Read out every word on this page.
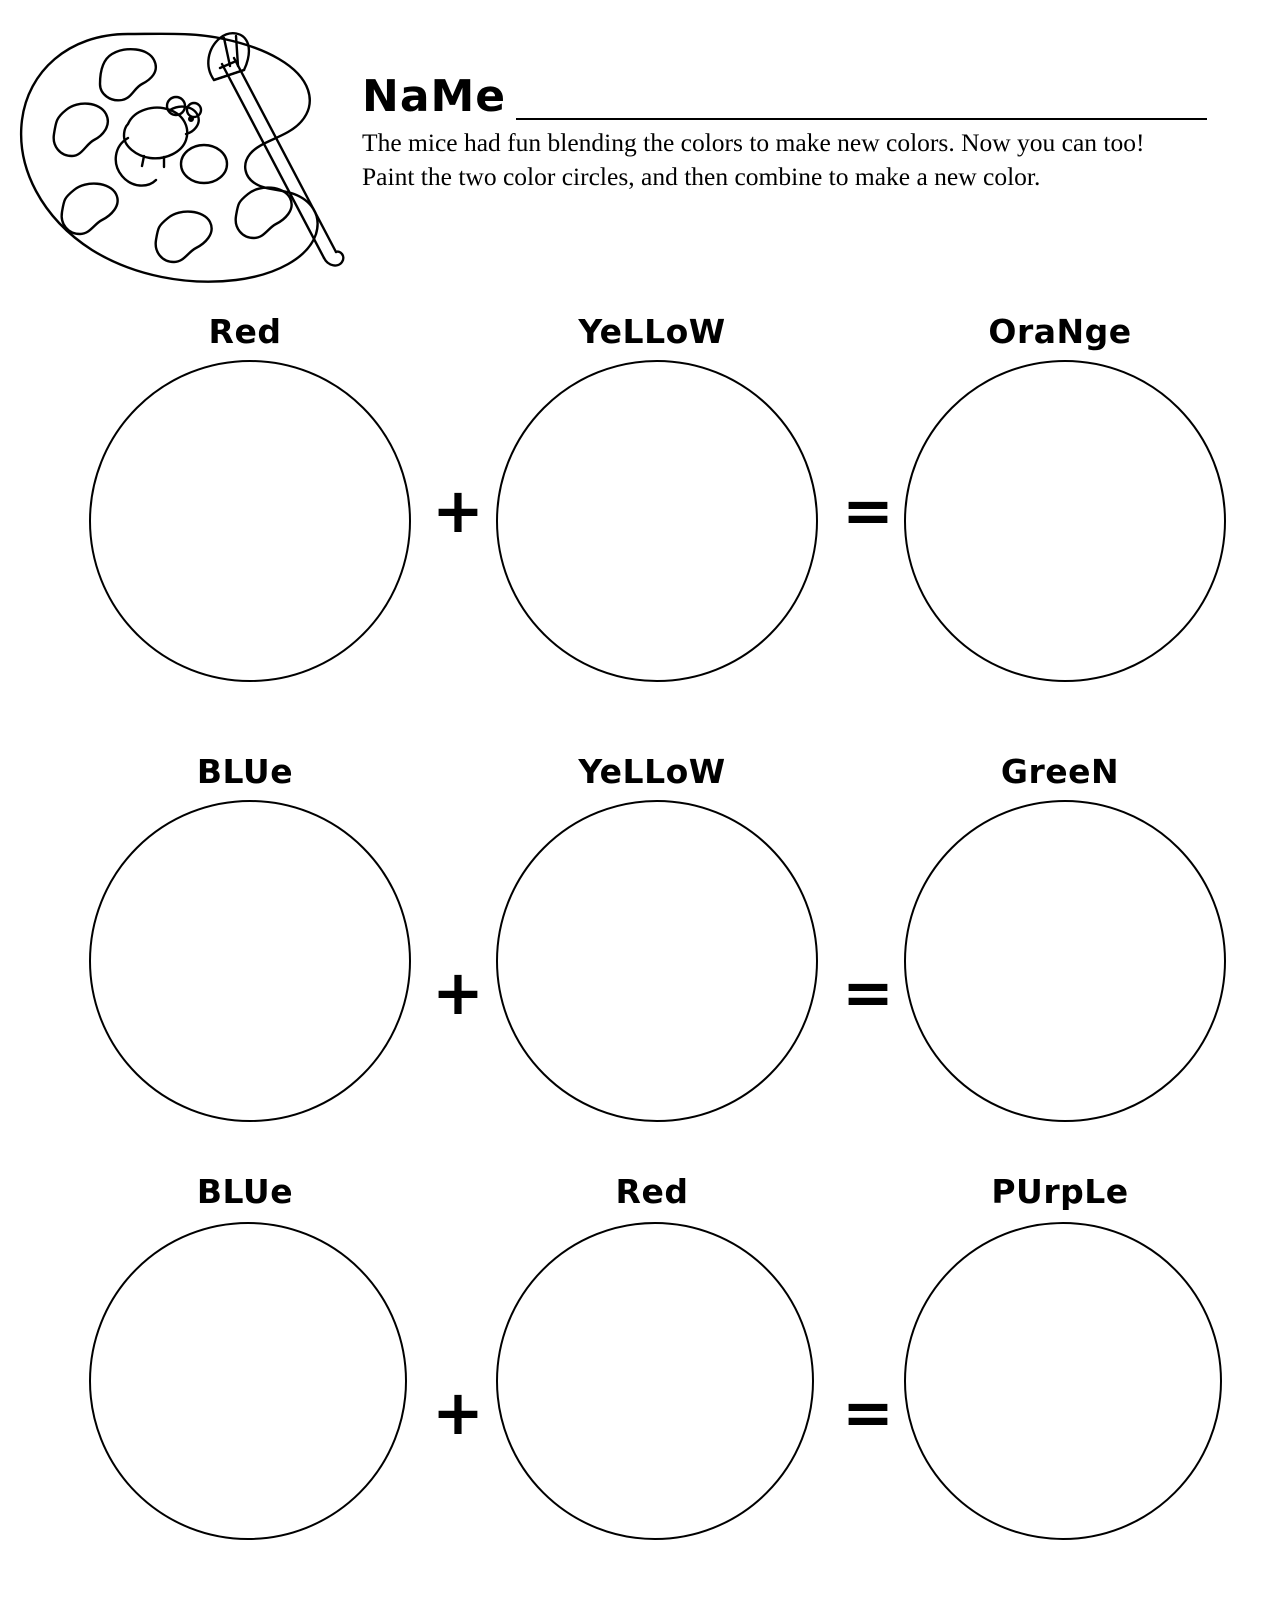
NaMe
The mice had fun blending the colors to make new colors. Now you can too! Paint the two color circles, and then combine to make a new color.
Red
+
YeLLoW
=
OraNge
BLUe
+
YeLLoW
=
GreeN
BLUe
+
Red
=
PUrpLe
